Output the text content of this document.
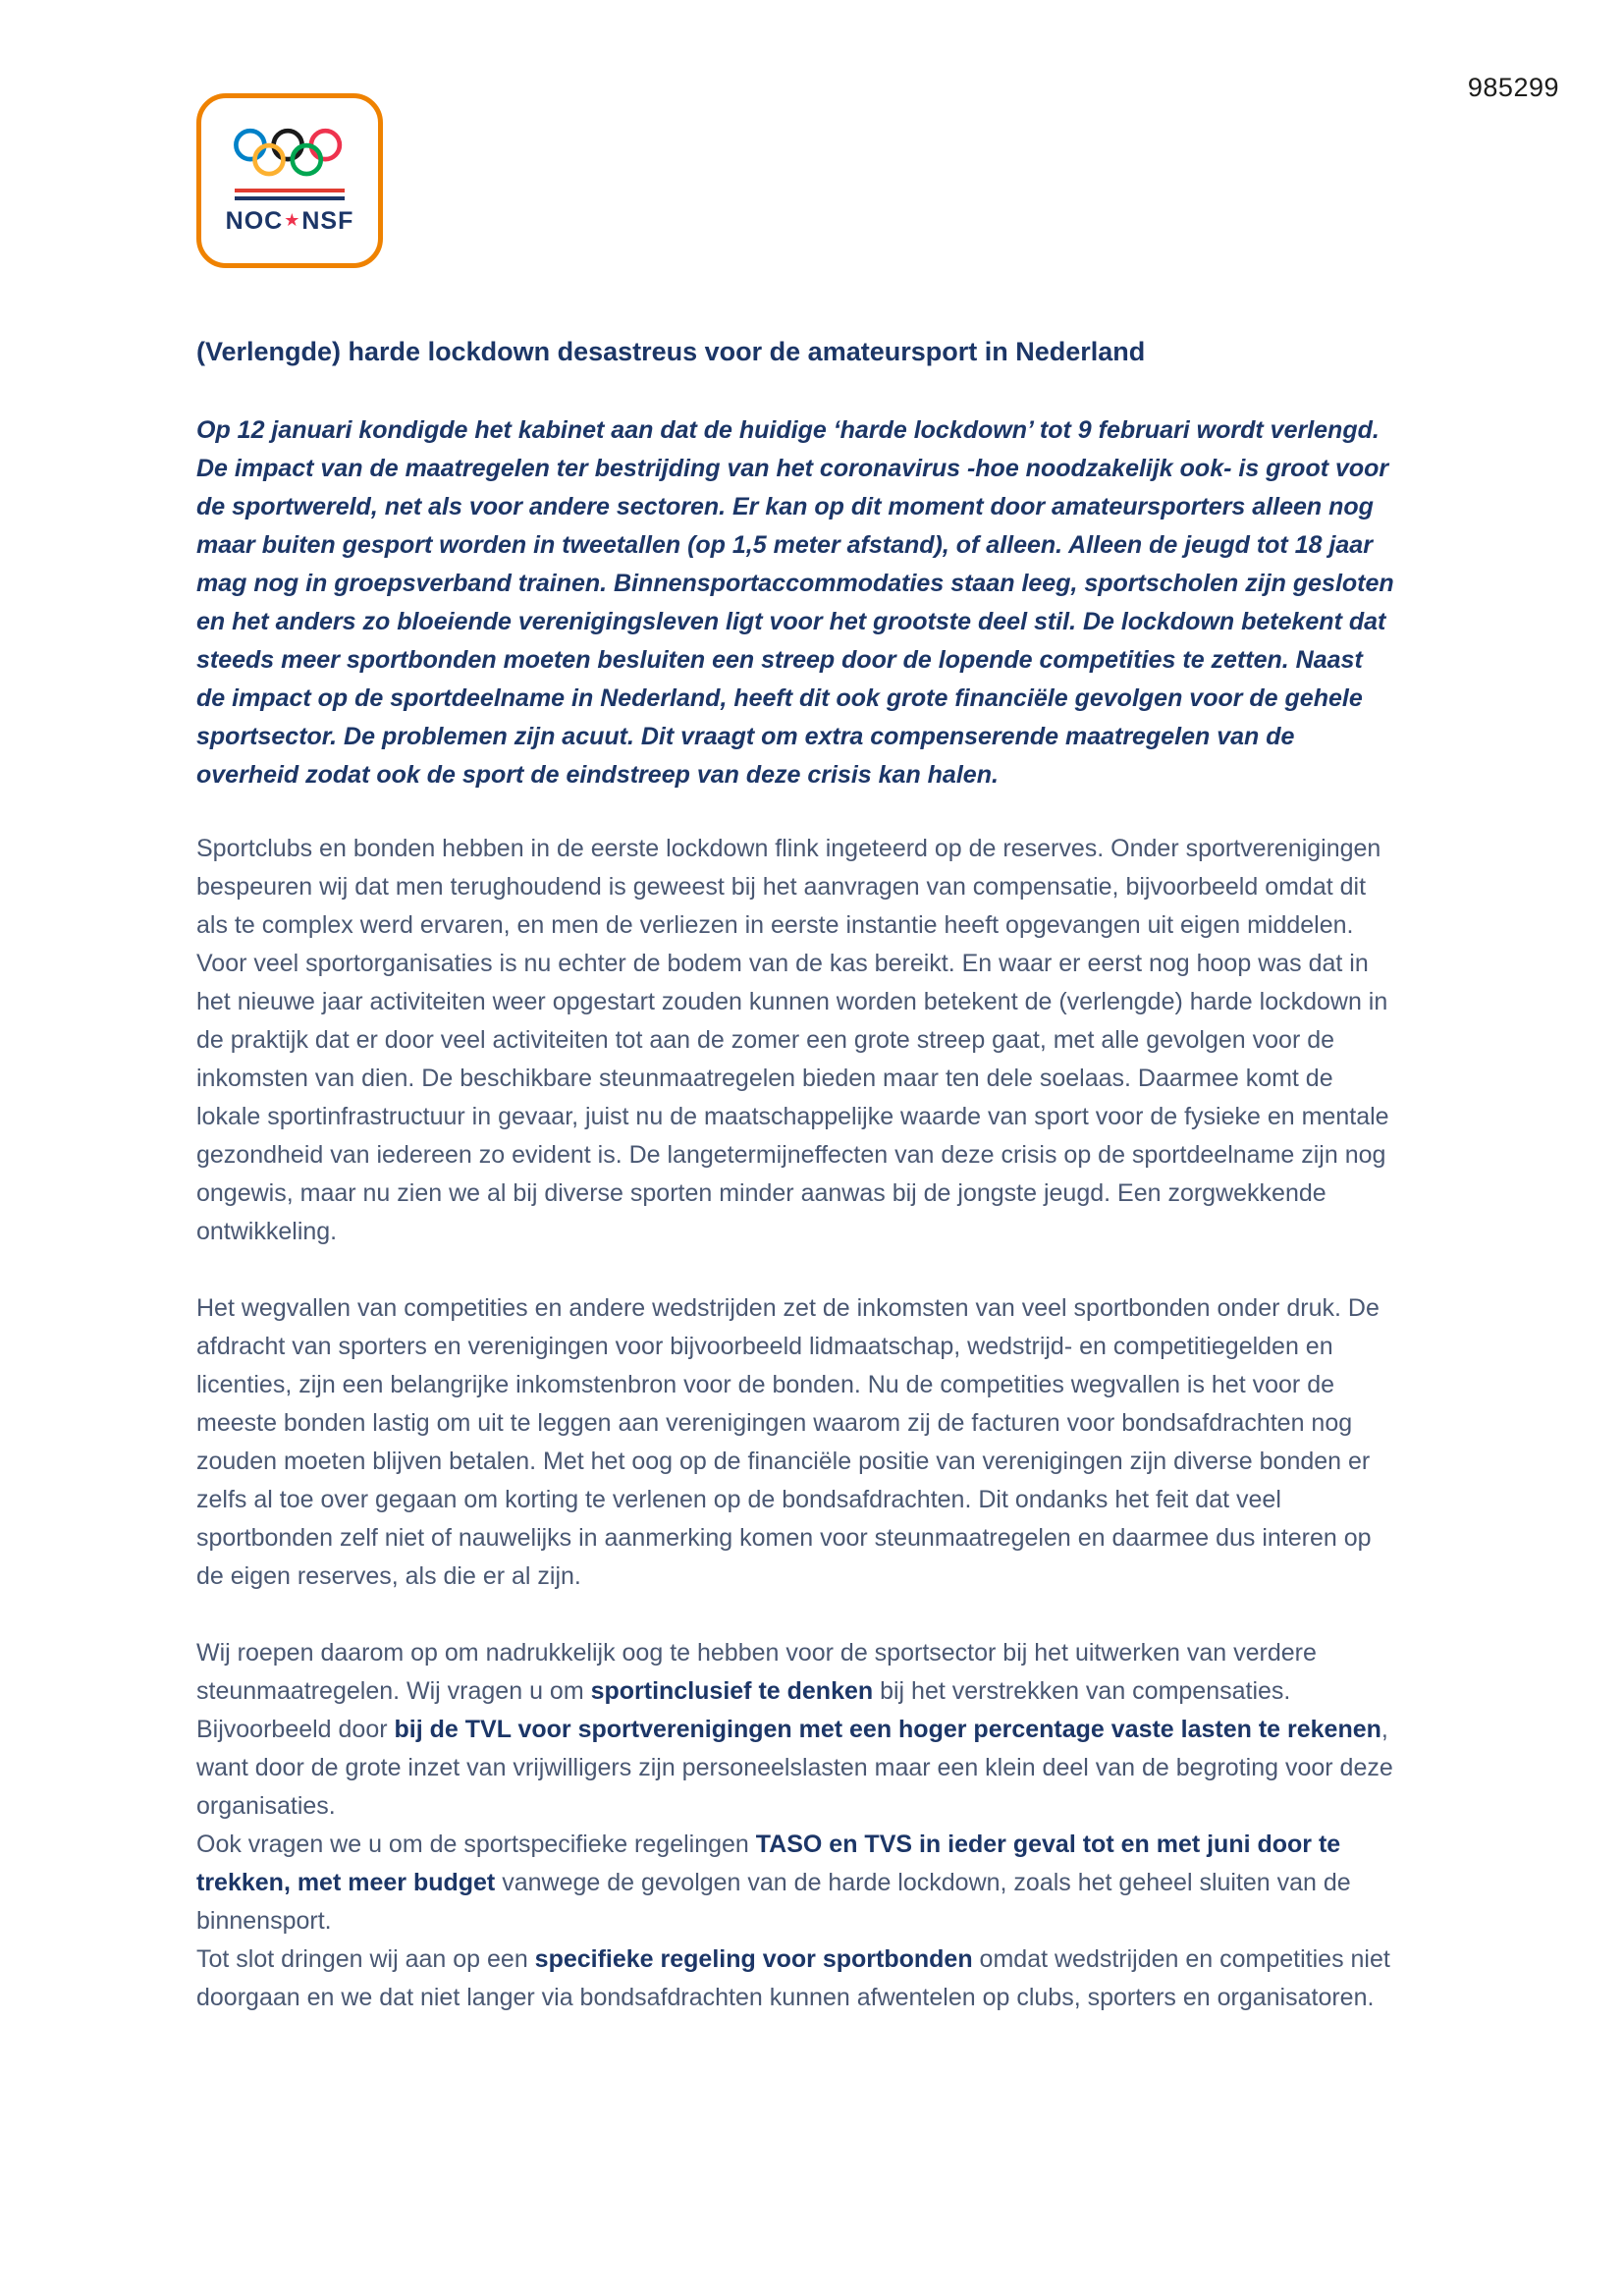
985299
NOC★NSF
(Verlengde) harde lockdown desastreus voor de amateursport in Nederland

Op 12 januari kondigde het kabinet aan dat de huidige ‘harde lockdown’ tot 9 februari wordt verlengd. De impact van de maatregelen ter bestrijding van het coronavirus -hoe noodzakelijk ook- is groot voor de sportwereld, net als voor andere sectoren. Er kan op dit moment door amateursporters alleen nog maar buiten gesport worden in tweetallen (op 1,5 meter afstand), of alleen. Alleen de jeugd tot 18 jaar mag nog in groepsverband trainen. Binnensportaccommodaties staan leeg, sportscholen zijn gesloten en het anders zo bloeiende verenigingsleven ligt voor het grootste deel stil. De lockdown betekent dat steeds meer sportbonden moeten besluiten een streep door de lopende competities te zetten. Naast de impact op de sportdeelname in Nederland, heeft dit ook grote financiële gevolgen voor de gehele sportsector. De problemen zijn acuut. Dit vraagt om extra compenserende maatregelen van de overheid zodat ook de sport de eindstreep van deze crisis kan halen.

Sportclubs en bonden hebben in de eerste lockdown flink ingeteerd op de reserves. Onder sportverenigingen bespeuren wij dat men terughoudend is geweest bij het aanvragen van compensatie, bijvoorbeeld omdat dit als te complex werd ervaren, en men de verliezen in eerste instantie heeft opgevangen uit eigen middelen. Voor veel sportorganisaties is nu echter de bodem van de kas bereikt. En waar er eerst nog hoop was dat in het nieuwe jaar activiteiten weer opgestart zouden kunnen worden betekent de (verlengde) harde lockdown in de praktijk dat er door veel activiteiten tot aan de zomer een grote streep gaat, met alle gevolgen voor de inkomsten van dien. De beschikbare steunmaatregelen bieden maar ten dele soelaas. Daarmee komt de lokale sportinfrastructuur in gevaar, juist nu de maatschappelijke waarde van sport voor de fysieke en mentale gezondheid van iedereen zo evident is. De langetermijneffecten van deze crisis op de sportdeelname zijn nog ongewis, maar nu zien we al bij diverse sporten minder aanwas bij de jongste jeugd. Een zorgwekkende ontwikkeling.

Het wegvallen van competities en andere wedstrijden zet de inkomsten van veel sportbonden onder druk. De afdracht van sporters en verenigingen voor bijvoorbeeld lidmaatschap, wedstrijd- en competitiegelden en licenties, zijn een belangrijke inkomstenbron voor de bonden. Nu de competities wegvallen is het voor de meeste bonden lastig om uit te leggen aan verenigingen waarom zij de facturen voor bondsafdrachten nog zouden moeten blijven betalen. Met het oog op de financiële positie van verenigingen zijn diverse bonden er zelfs al toe over gegaan om korting te verlenen op de bondsafdrachten. Dit ondanks het feit dat veel sportbonden zelf niet of nauwelijks in aanmerking komen voor steunmaatregelen en daarmee dus interen op de eigen reserves, als die er al zijn.

Wij roepen daarom op om nadrukkelijk oog te hebben voor de sportsector bij het uitwerken van verdere steunmaatregelen. Wij vragen u om sportinclusief te denken bij het verstrekken van compensaties. Bijvoorbeeld door bij de TVL voor sportverenigingen met een hoger percentage vaste lasten te rekenen, want door de grote inzet van vrijwilligers zijn personeelslasten maar een klein deel van de begroting voor deze organisaties.

Ook vragen we u om de sportspecifieke regelingen TASO en TVS in ieder geval tot en met juni door te trekken, met meer budget vanwege de gevolgen van de harde lockdown, zoals het geheel sluiten van de binnensport.

Tot slot dringen wij aan op een specifieke regeling voor sportbonden omdat wedstrijden en competities niet doorgaan en we dat niet langer via bondsafdrachten kunnen afwentelen op clubs, sporters en organisatoren.
